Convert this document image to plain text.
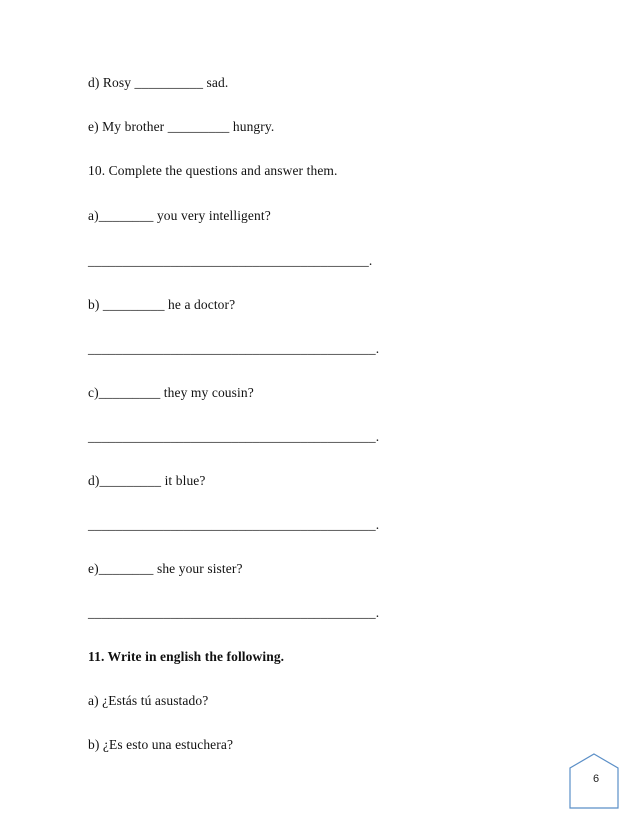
d) Rosy __________ sad.
e) My brother _________ hungry.
10. Complete the questions and answer them.
a)________ you very intelligent?
_________________________________________.
b) _________ he a doctor?
__________________________________________.
c)_________ they my cousin?
__________________________________________.
d)_________ it blue?
__________________________________________.
e)________ she your sister?
__________________________________________.
11. Write in english the following.
a) ¿Estás tú asustado?
b) ¿Es esto una estuchera?
6
